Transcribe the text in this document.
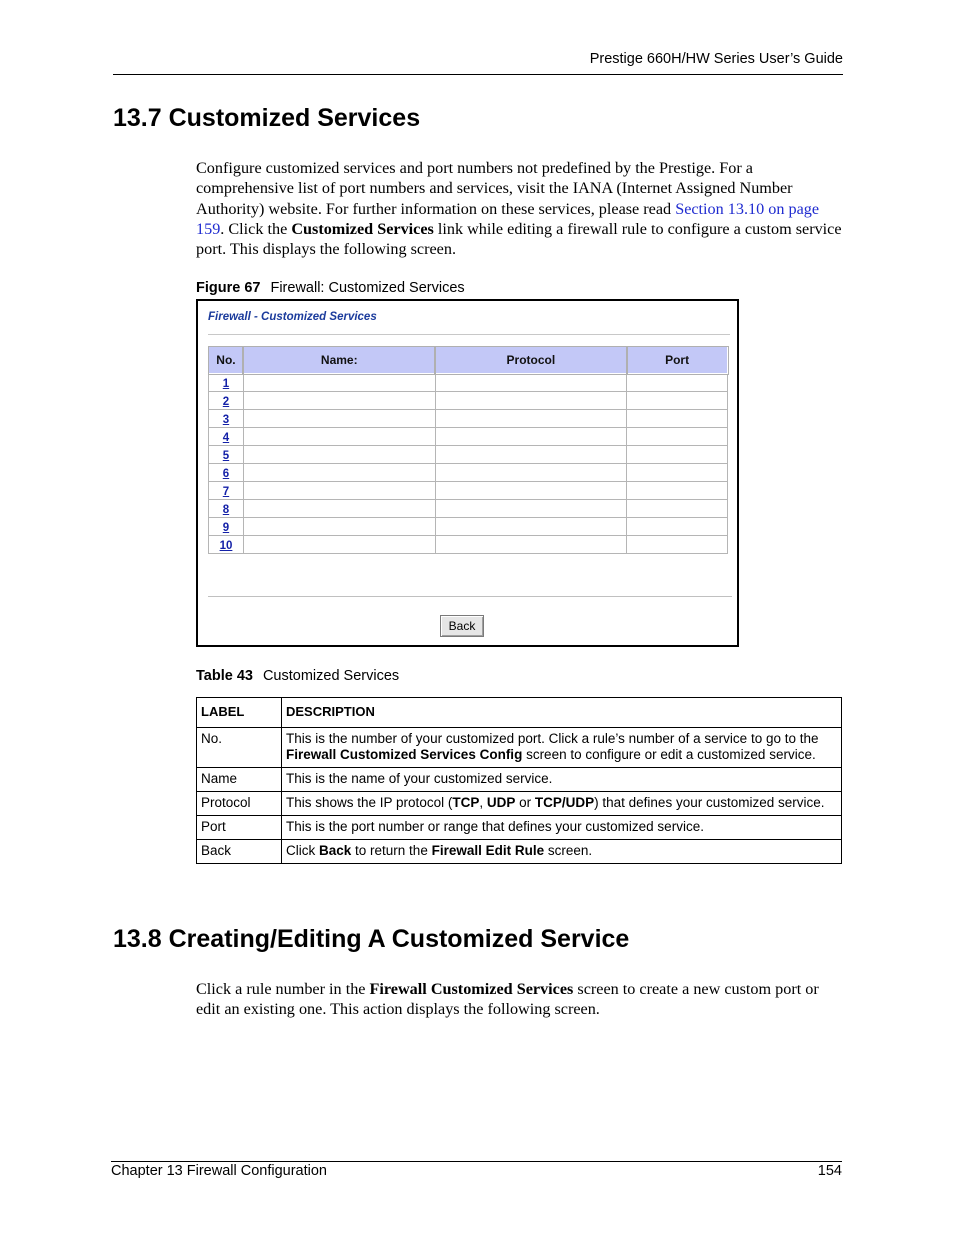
Prestige 660H/HW Series User’s Guide
13.7 Customized Services

Configure customized services and port numbers not predefined by the Prestige. For a comprehensive list of port numbers and services, visit the IANA (Internet Assigned Number Authority) website. For further information on these services, please read Section 13.10 on page 159. Click the Customized Services link while editing a firewall rule to configure a custom service port. This displays the following screen.

Figure 67 Firewall: Customized Services
Firewall - Customized Services
No.	Name:	Protocol	Port
1			
2			
3			
4			
5			
6			
7			
8			
9			
10			
Back
Table 43 Customized Services
LABEL	DESCRIPTION
No.	This is the number of your customized port. Click a rule’s number of a service to go to the Firewall Customized Services Config screen to configure or edit a customized service.
Name	This is the name of your customized service.
Protocol	This shows the IP protocol (TCP, UDP or TCP/UDP) that defines your customized service.
Port	This is the port number or range that defines your customized service.
Back	Click Back to return the Firewall Edit Rule screen.
13.8 Creating/Editing A Customized Service

Click a rule number in the Firewall Customized Services screen to create a new custom port or edit an existing one. This action displays the following screen.

Chapter 13 Firewall Configuration	154
